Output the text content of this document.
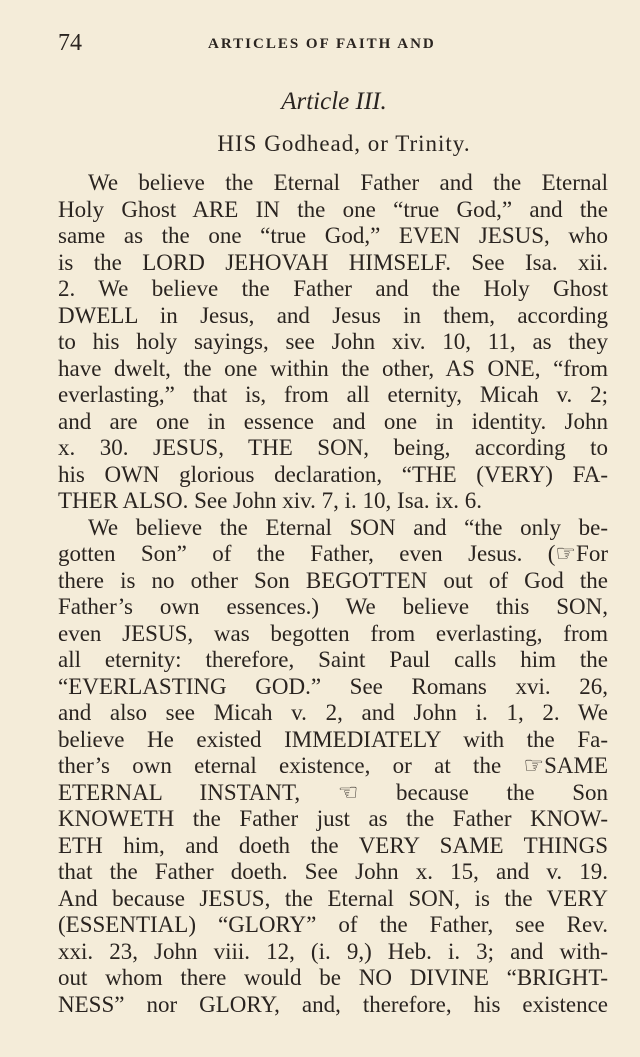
74	ARTICLES OF FAITH AND
Article III.
HIS Godhead, or Trinity.
We believe the Eternal Father and the Eternal
Holy Ghost ARE IN the one “true God,” and the
same as the one “true God,” EVEN JESUS, who
is the LORD JEHOVAH HIMSELF. See Isa. xii.
2. We believe the Father and the Holy Ghost
DWELL in Jesus, and Jesus in them, according
to his holy sayings, see John xiv. 10, 11, as they
have dwelt, the one within the other, AS ONE, “from
everlasting,” that is, from all eternity, Micah v. 2;
and are one in essence and one in identity. John
x. 30. JESUS, THE SON, being, according to
his OWN glorious declaration, “THE (VERY) FA-
THER ALSO. See John xiv. 7, i. 10, Isa. ix. 6.
We believe the Eternal SON and “the only be-
gotten Son” of the Father, even Jesus. (☞For
there is no other Son BEGOTTEN out of God the
Father’s own essences.) We believe this SON,
even JESUS, was begotten from everlasting, from
all eternity: therefore, Saint Paul calls him the
“EVERLASTING GOD.” See Romans xvi. 26,
and also see Micah v. 2, and John i. 1, 2. We
believe He existed IMMEDIATELY with the Fa-
ther’s own eternal existence, or at the ☞SAME
ETERNAL INSTANT, ☜ because the Son
KNOWETH the Father just as the Father KNOW-
ETH him, and doeth the VERY SAME THINGS
that the Father doeth. See John x. 15, and v. 19.
And because JESUS, the Eternal SON, is the VERY
(ESSENTIAL) “GLORY” of the Father, see Rev.
xxi. 23, John viii. 12, (i. 9,) Heb. i. 3; and with-
out whom there would be NO DIVINE “BRIGHT-
NESS” nor GLORY, and, therefore, his existence
